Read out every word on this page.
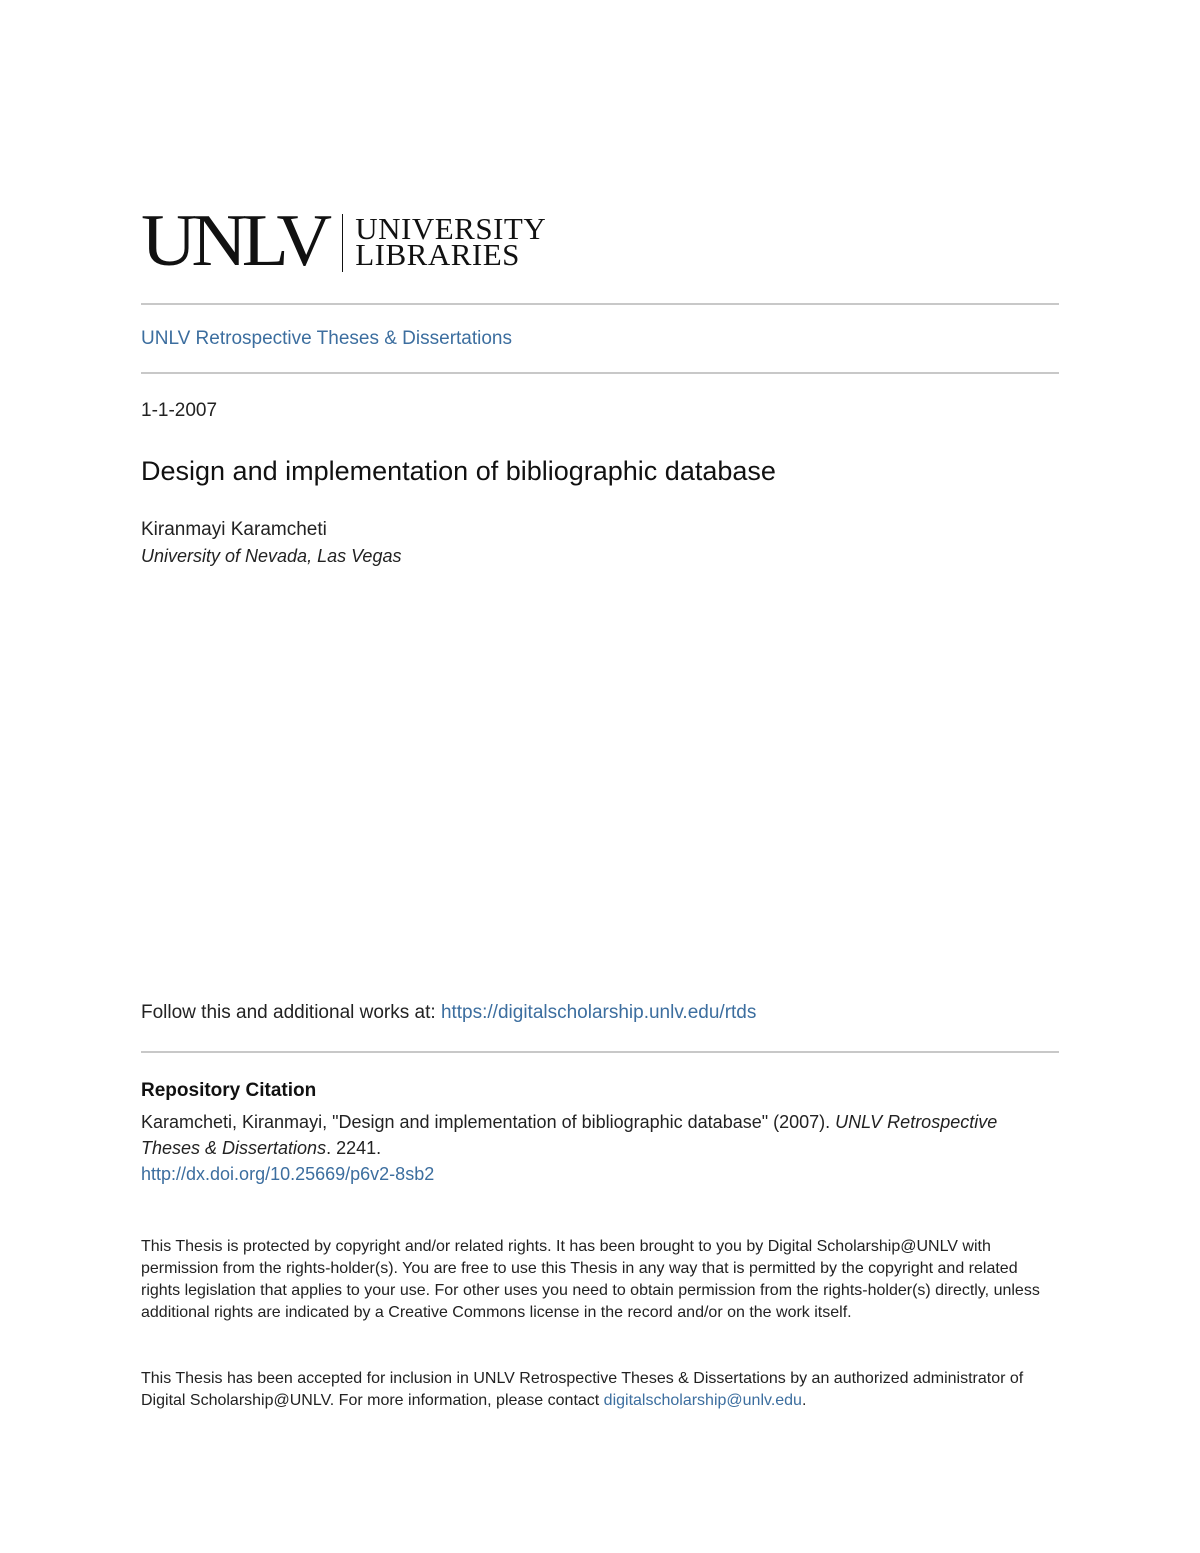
UNLV UNIVERSITY
LIBRARIES
UNLV Retrospective Theses & Dissertations
1-1-2007
Design and implementation of bibliographic database
Kiranmayi Karamcheti
University of Nevada, Las Vegas
Follow this and additional works at: https://digitalscholarship.unlv.edu/rtds
Repository Citation
Karamcheti, Kiranmayi, "Design and implementation of bibliographic database" (2007). UNLV Retrospective Theses & Dissertations. 2241.
http://dx.doi.org/10.25669/p6v2-8sb2
This Thesis is protected by copyright and/or related rights. It has been brought to you by Digital Scholarship@UNLV with permission from the rights-holder(s). You are free to use this Thesis in any way that is permitted by the copyright and related rights legislation that applies to your use. For other uses you need to obtain permission from the rights-holder(s) directly, unless additional rights are indicated by a Creative Commons license in the record and/or on the work itself.
This Thesis has been accepted for inclusion in UNLV Retrospective Theses & Dissertations by an authorized administrator of Digital Scholarship@UNLV. For more information, please contact digitalscholarship@unlv.edu.
